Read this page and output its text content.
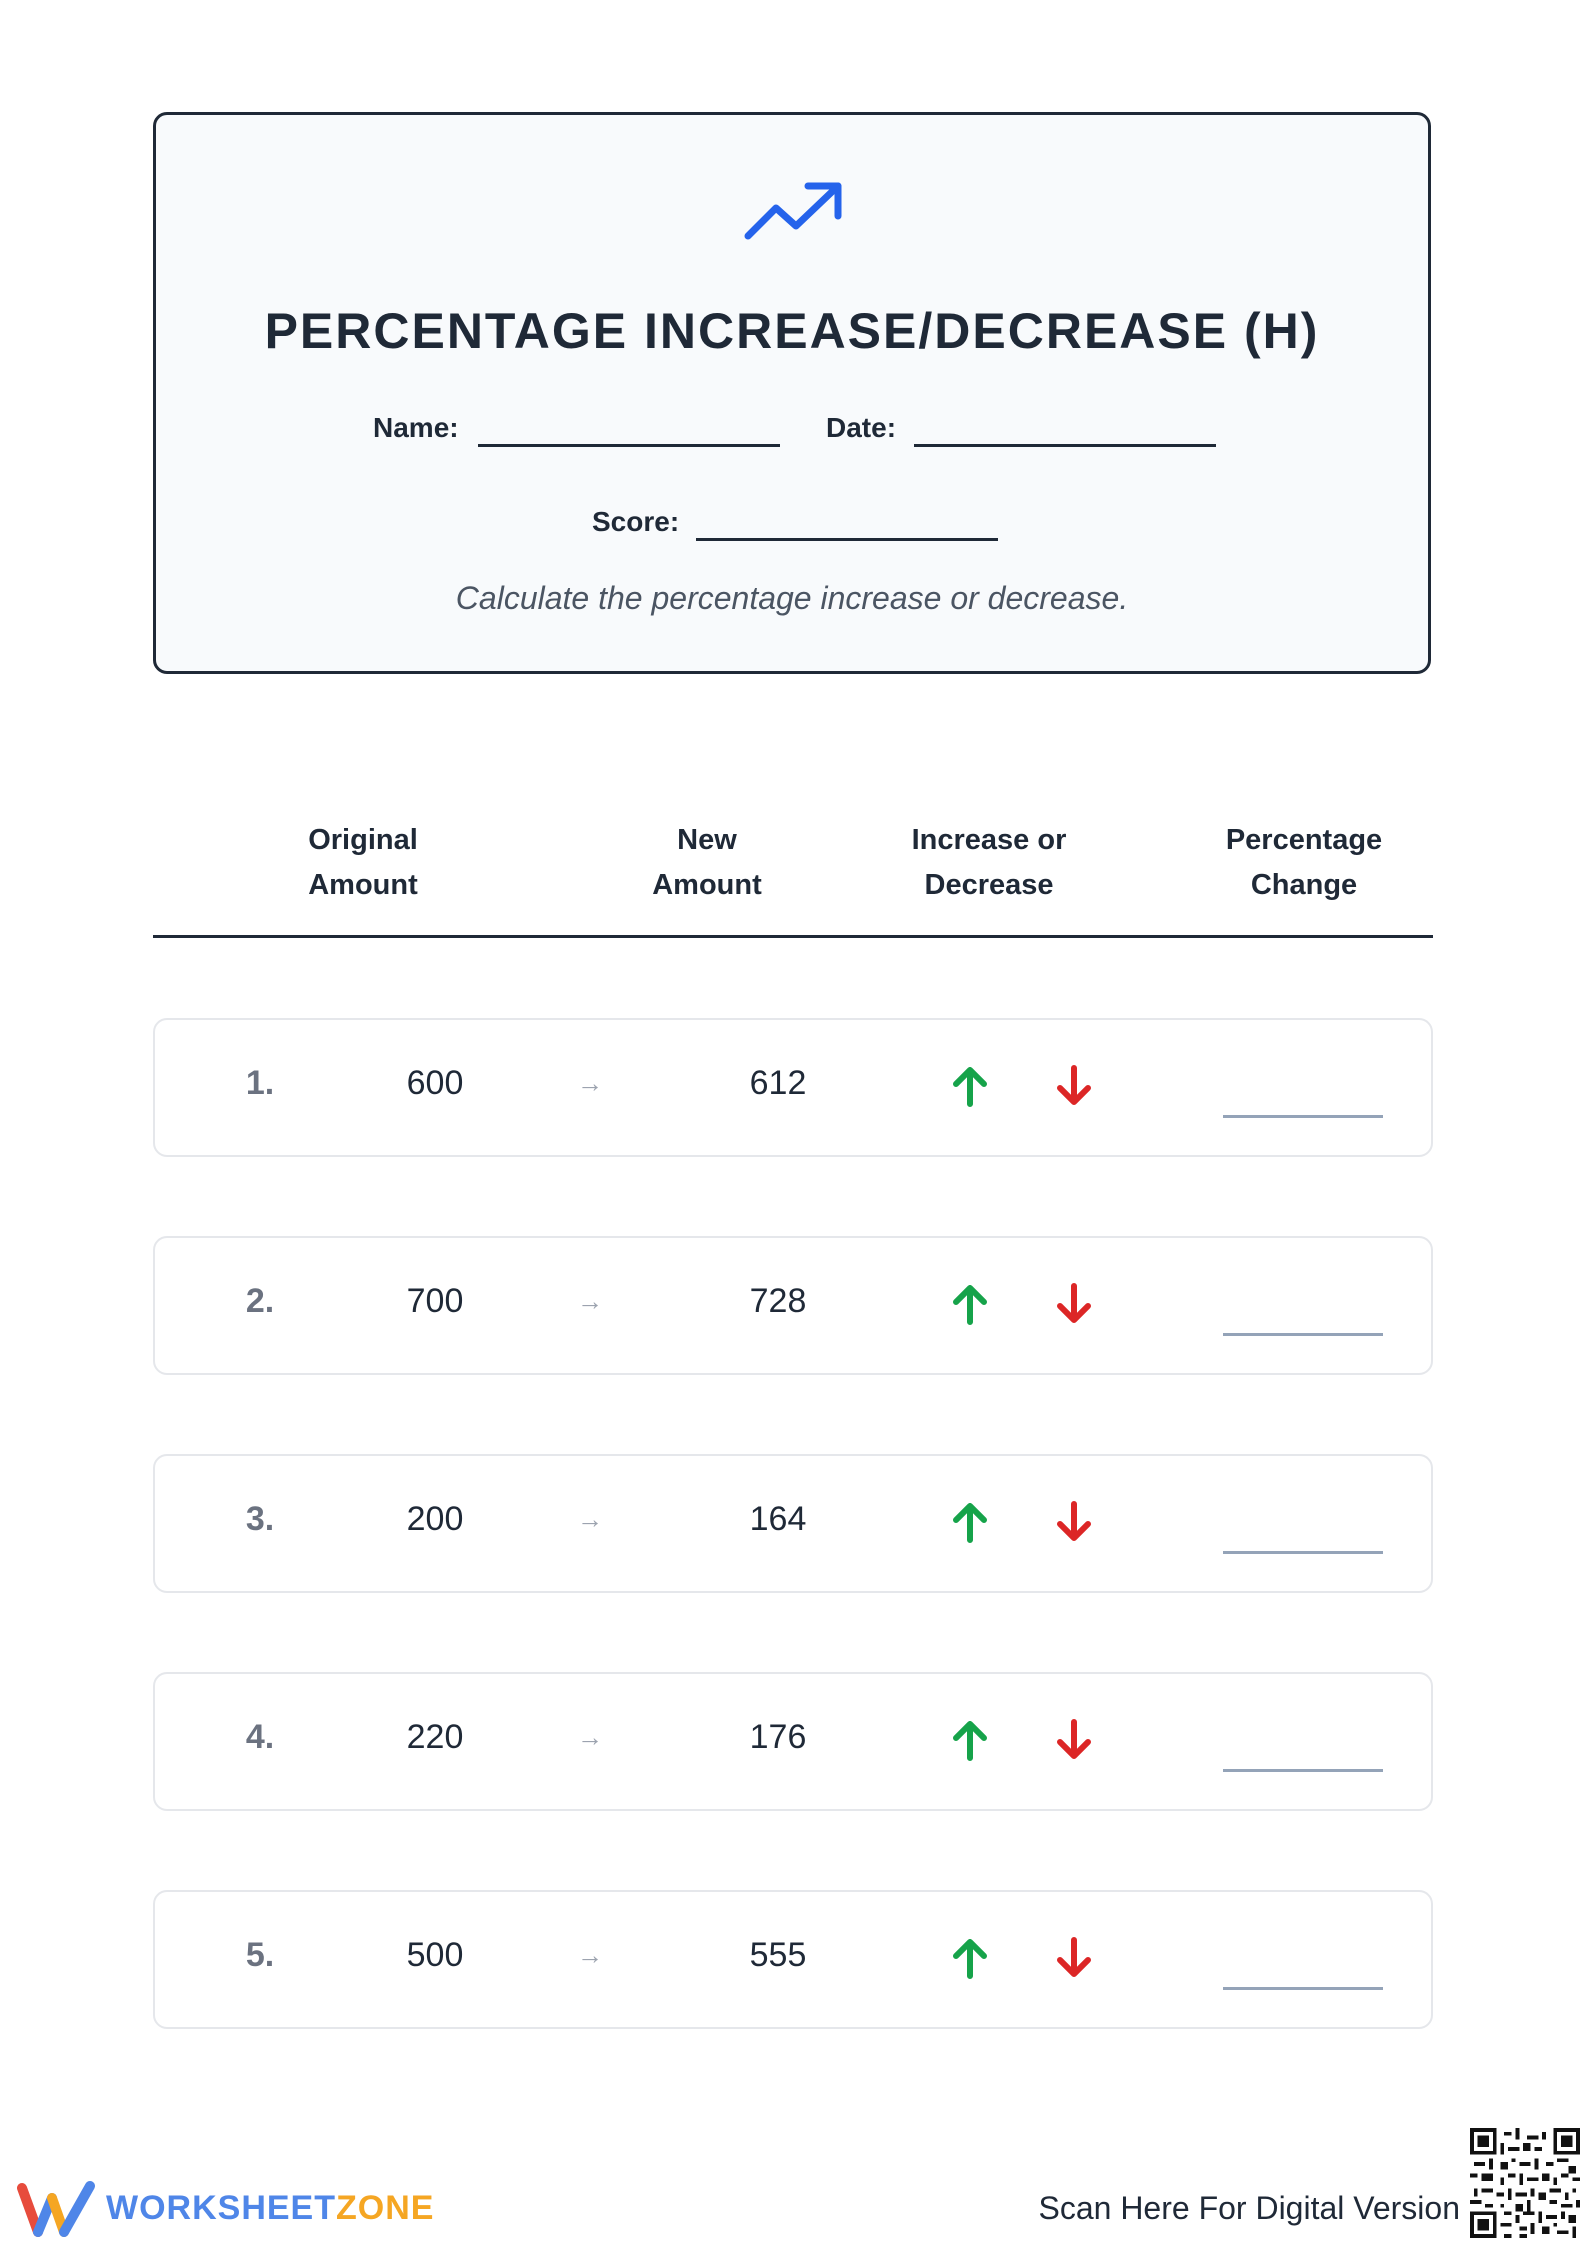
PERCENTAGE INCREASE/DECREASE (H)
Name:	Date:
Score:
Calculate the percentage increase or decrease.
Original
Amount
New
Amount
Increase or
Decrease
Percentage
Change
1.	600	→	612
2.	700	→	728
3.	200	→	164
4.	220	→	176
5.	500	→	555
WORKSHEETZONE	Scan Here For Digital Version
